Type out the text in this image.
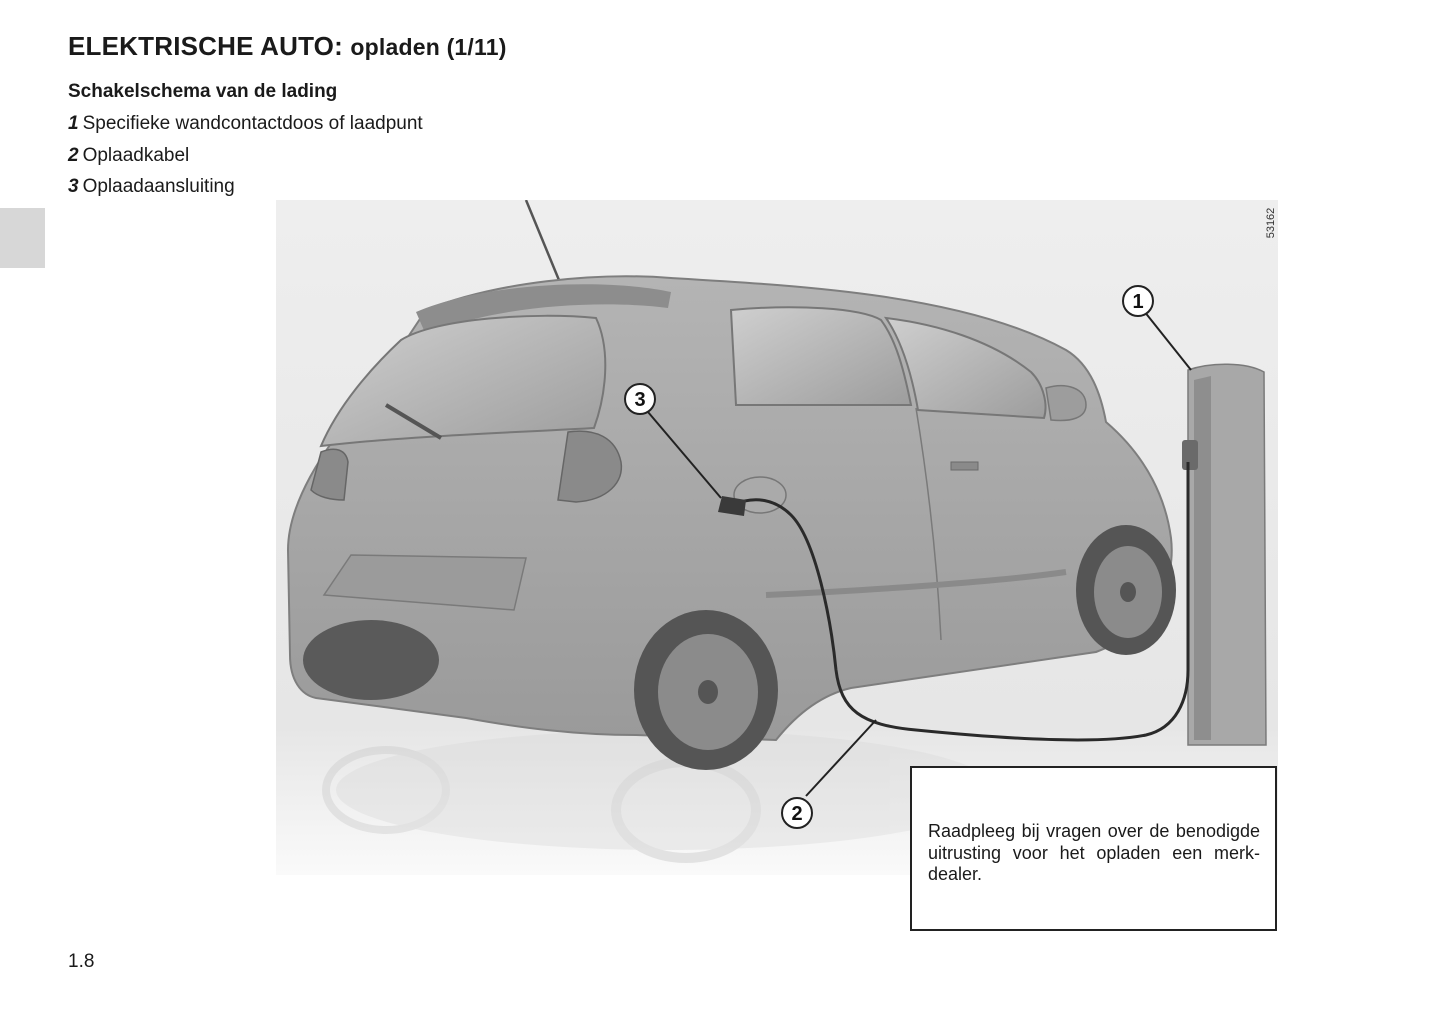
ELEKTRISCHE AUTO: opladen (1/11)
Schakelschema van de lading
1 Specifieke wandcontactdoos of laadpunt
2 Oplaadkabel
3 Oplaadaansluiting
1
2
3
53162

Raadpleeg bij vragen over de benodigde uitrusting voor het opladen een merkdealer.

1.8
